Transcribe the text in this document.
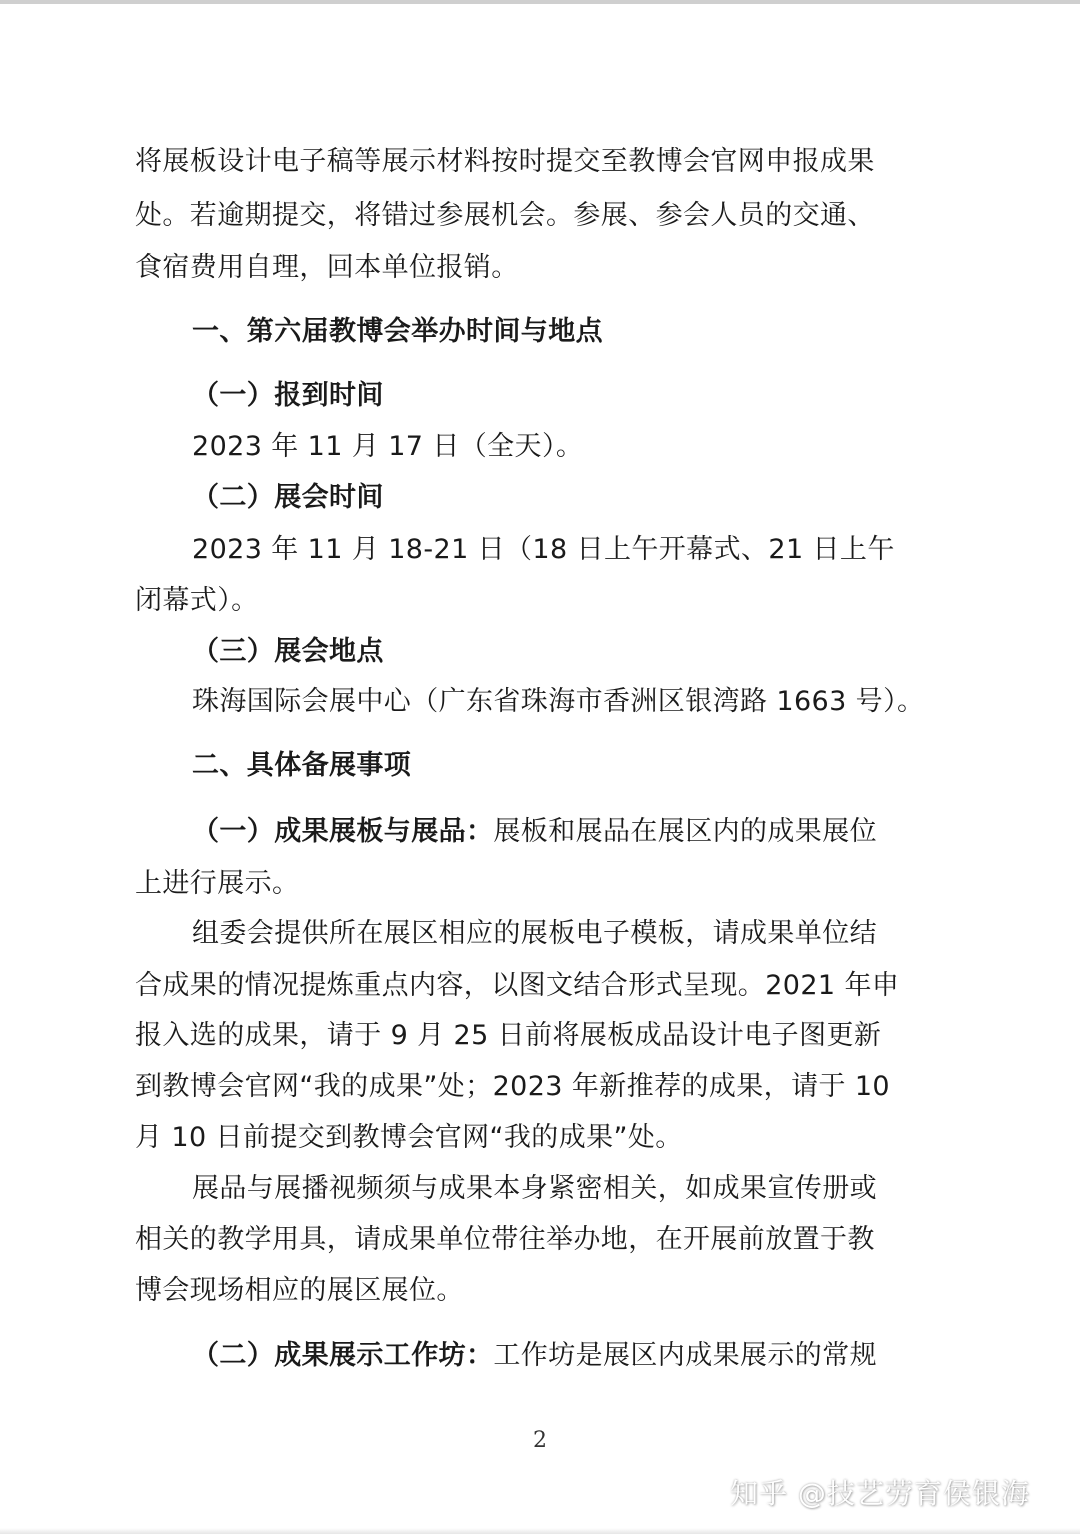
将展板设计电子稿等展示材料按时提交至教博会官网申报成果
处。若逾期提交，将错过参展机会。参展、参会人员的交通、
食宿费用自理，回本单位报销。
一、第六届教博会举办时间与地点
（一）报到时间
2023 年 11 月 17 日（全天）。
（二）展会时间
2023 年 11 月 18-21 日（18 日上午开幕式、21 日上午
闭幕式）。
（三）展会地点
珠海国际会展中心（广东省珠海市香洲区银湾路 1663 号）。
二、具体备展事项
（一）成果展板与展品：展板和展品在展区内的成果展位
上进行展示。
组委会提供所在展区相应的展板电子模板，请成果单位结
合成果的情况提炼重点内容，以图文结合形式呈现。2021 年申
报入选的成果，请于 9 月 25 日前将展板成品设计电子图更新
到教博会官网“我的成果”处；2023 年新推荐的成果，请于 10
月 10 日前提交到教博会官网“我的成果”处。
展品与展播视频须与成果本身紧密相关，如成果宣传册或
相关的教学用具，请成果单位带往举办地，在开展前放置于教
博会现场相应的展区展位。
（二）成果展示工作坊：工作坊是展区内成果展示的常规
2
知乎 @技艺劳育侯银海
